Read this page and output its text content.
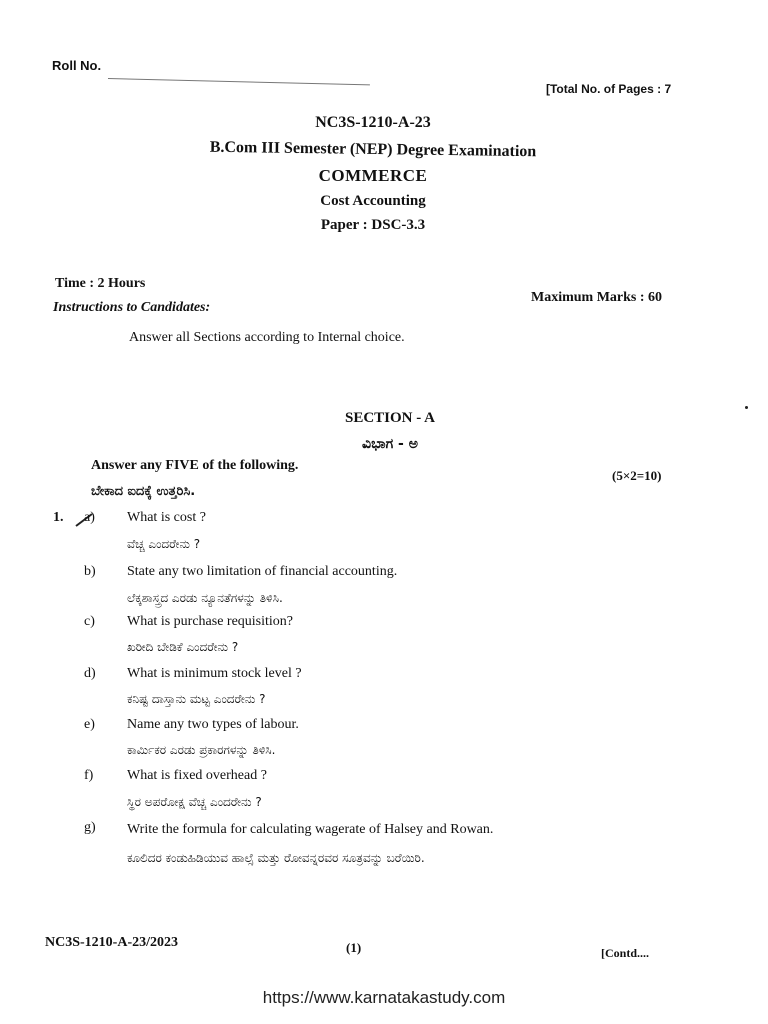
Roll No.
[Total No. of Pages : 7
NC3S-1210-A-23
B.Com III Semester (NEP) Degree Examination
COMMERCE
Cost Accounting
Paper : DSC-3.3
Time : 2 Hours
Instructions to Candidates:
Maximum Marks : 60
Answer all Sections according to Internal choice.
SECTION - A
ವಿಭಾಗ - ಅ
Answer any FIVE of the following.
(5×2=10)
ಬೇಕಾದ ಐದಕ್ಕೆ ಉತ್ತರಿಸಿ.
1. a) What is cost ?
ವೆಚ್ಚ ಎಂದರೇನು ?
b) State any two limitation of financial accounting.
ಲೆಕ್ಕಶಾಸ್ತ್ರದ ಎರಡು ನ್ಯೂನತೆಗಳನ್ನು ತಿಳಿಸಿ.
c) What is purchase requisition?
ಖರೀದಿ ಬೇಡಿಕೆ ಎಂದರೇನು ?
d) What is minimum stock level ?
ಕನಿಷ್ಟ ದಾಸ್ತಾನು ಮಟ್ಟ ಎಂದರೇನು ?
e) Name any two types of labour.
ಕಾರ್ಮಿಕರ ಎರಡು ಪ್ರಕಾರಗಳನ್ನು ತಿಳಿಸಿ.
f) What is fixed overhead ?
ಸ್ಥಿರ ಅಪರೋಕ್ಷ ವೆಚ್ಚ ಎಂದರೇನು ?
g) Write the formula for calculating wagerate of Halsey and Rowan.
ಕೂಲಿದರ ಕಂಡುಹಿಡಿಯುವ ಹಾಲ್ಸೆ ಮತ್ತು ರೋವನ್ನರವರ ಸೂತ್ರವನ್ನು ಬರೆಯಿರಿ.
NC3S-1210-A-23/2023	(1)	[Contd....
https://www.karnatakastudy.com
